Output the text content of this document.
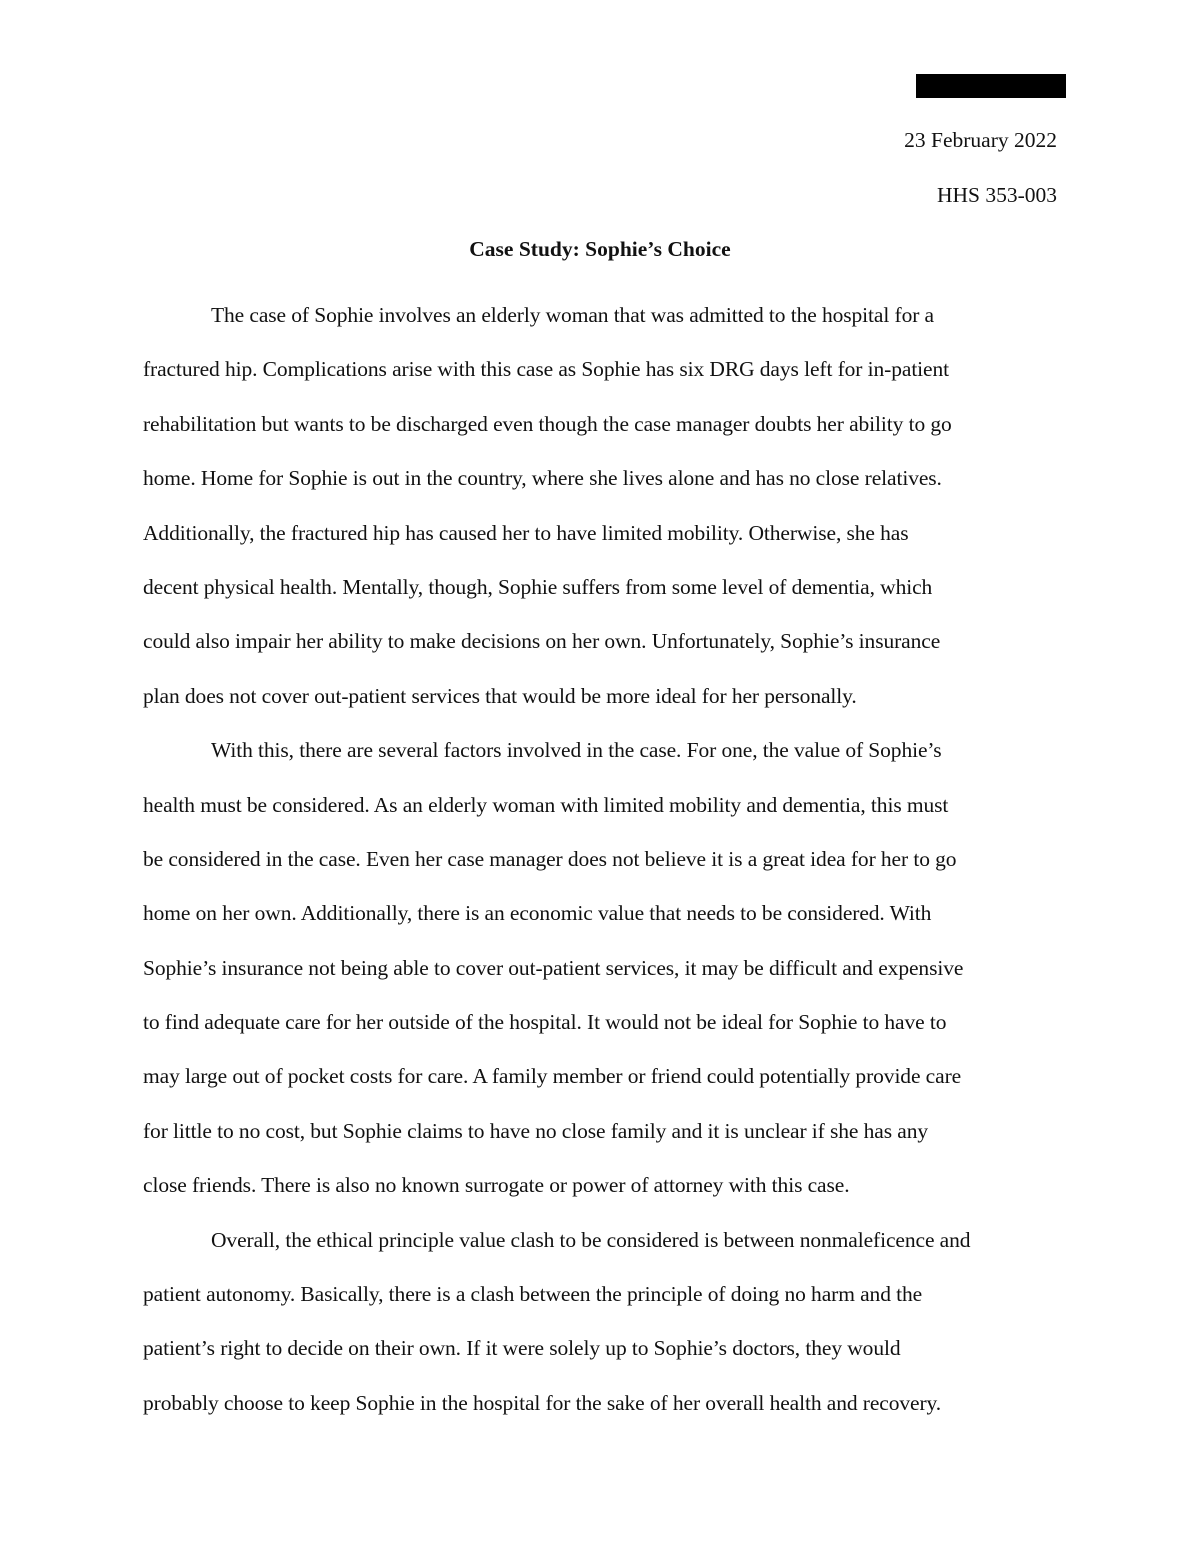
23 February 2022
HHS 353-003
Case Study: Sophie’s Choice

The case of Sophie involves an elderly woman that was admitted to the hospital for a
fractured hip. Complications arise with this case as Sophie has six DRG days left for in-patient
rehabilitation but wants to be discharged even though the case manager doubts her ability to go
home. Home for Sophie is out in the country, where she lives alone and has no close relatives.
Additionally, the fractured hip has caused her to have limited mobility. Otherwise, she has
decent physical health. Mentally, though, Sophie suffers from some level of dementia, which
could also impair her ability to make decisions on her own. Unfortunately, Sophie’s insurance
plan does not cover out-patient services that would be more ideal for her personally.

With this, there are several factors involved in the case. For one, the value of Sophie’s
health must be considered. As an elderly woman with limited mobility and dementia, this must
be considered in the case. Even her case manager does not believe it is a great idea for her to go
home on her own. Additionally, there is an economic value that needs to be considered. With
Sophie’s insurance not being able to cover out-patient services, it may be difficult and expensive
to find adequate care for her outside of the hospital. It would not be ideal for Sophie to have to
may large out of pocket costs for care. A family member or friend could potentially provide care
for little to no cost, but Sophie claims to have no close family and it is unclear if she has any
close friends. There is also no known surrogate or power of attorney with this case.

Overall, the ethical principle value clash to be considered is between nonmaleficence and
patient autonomy. Basically, there is a clash between the principle of doing no harm and the
patient’s right to decide on their own. If it were solely up to Sophie’s doctors, they would
probably choose to keep Sophie in the hospital for the sake of her overall health and recovery.
